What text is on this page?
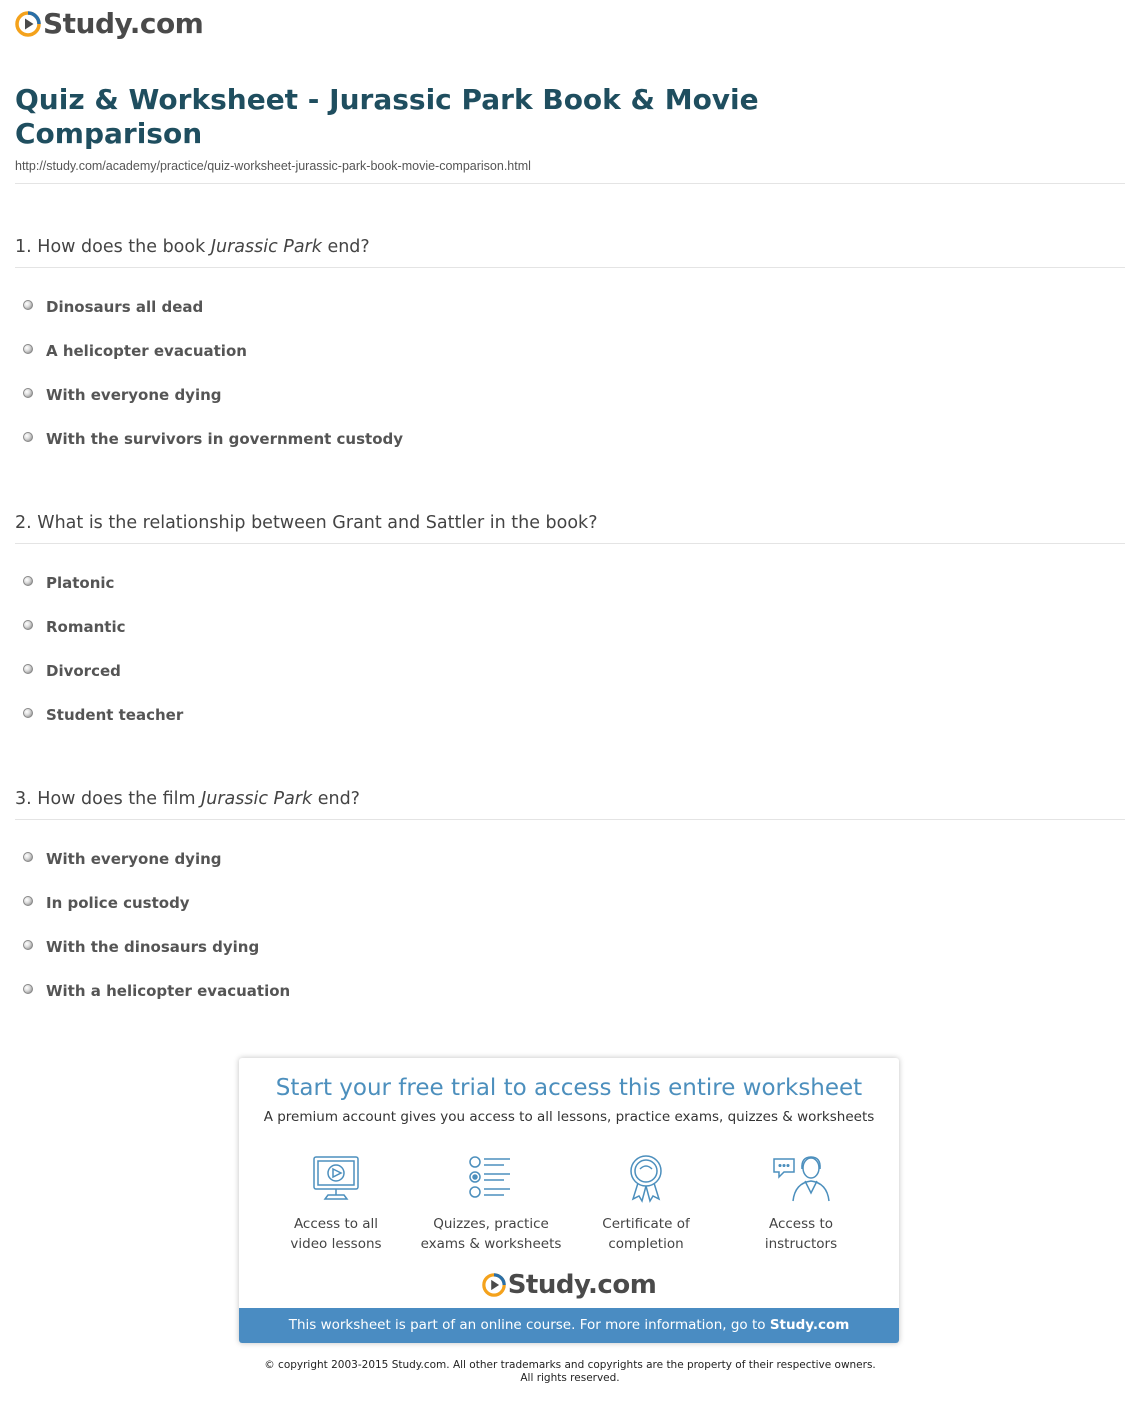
Study.com
Quiz & Worksheet - Jurassic Park Book & Movie Comparison
http://study.com/academy/practice/quiz-worksheet-jurassic-park-book-movie-comparison.html
1. How does the book Jurassic Park end?
Dinosaurs all dead
A helicopter evacuation
With everyone dying
With the survivors in government custody
2. What is the relationship between Grant and Sattler in the book?
Platonic
Romantic
Divorced
Student teacher
3. How does the film Jurassic Park end?
With everyone dying
In police custody
With the dinosaurs dying
With a helicopter evacuation
Start your free trial to access this entire worksheet
A premium account gives you access to all lessons, practice exams, quizzes & worksheets
Access to all
video lessons
Quizzes, practice
exams & worksheets
Certificate of
completion
Access to
instructors
Study.com
This worksheet is part of an online course. For more information, go to Study.com
© copyright 2003-2015 Study.com. All other trademarks and copyrights are the property of their respective owners.
All rights reserved.
